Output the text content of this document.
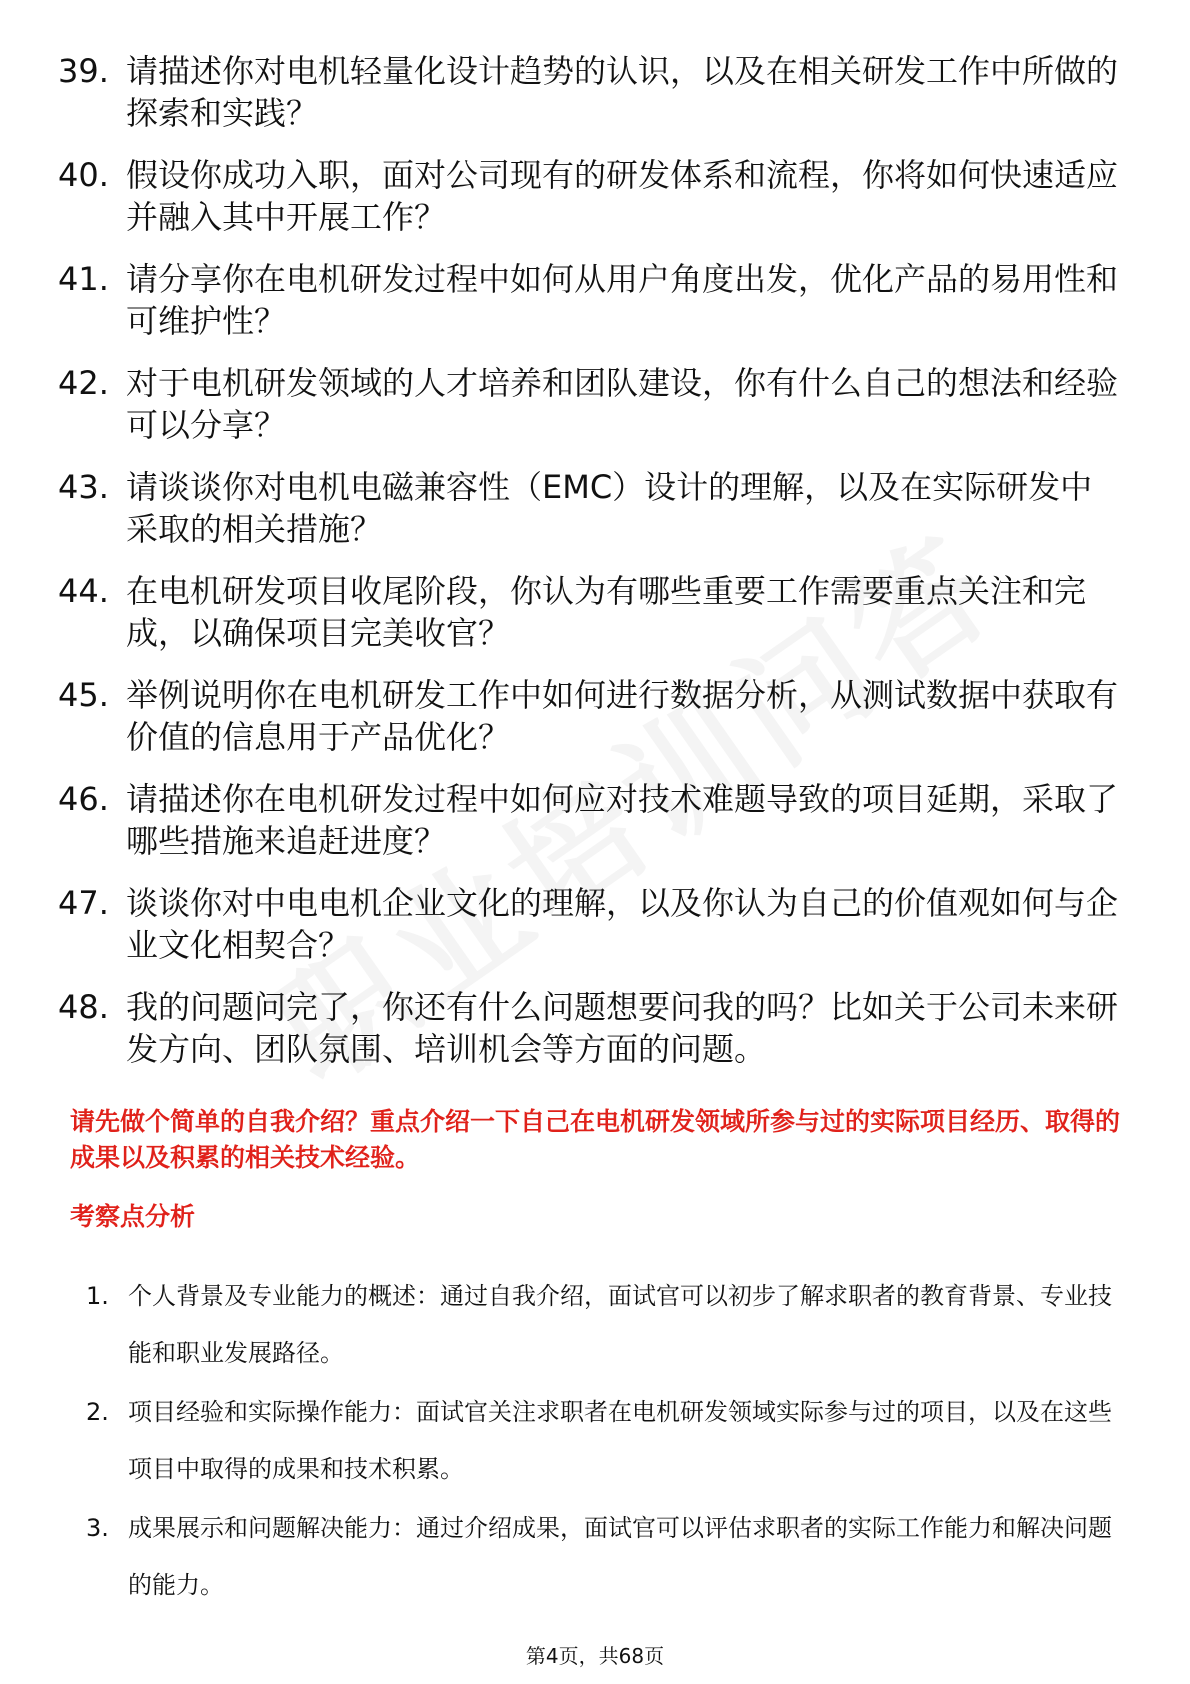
39. 请描述你对电机轻量化设计趋势的认识，以及在相关研发工作中所做的探索和实践？
40. 假设你成功入职，面对公司现有的研发体系和流程，你将如何快速适应并融入其中开展工作？
41. 请分享你在电机研发过程中如何从用户角度出发，优化产品的易用性和可维护性？
42. 对于电机研发领域的人才培养和团队建设，你有什么自己的想法和经验可以分享？
43. 请谈谈你对电机电磁兼容性（EMC）设计的理解，以及在实际研发中采取的相关措施？
44. 在电机研发项目收尾阶段，你认为有哪些重要工作需要重点关注和完成，以确保项目完美收官？
45. 举例说明你在电机研发工作中如何进行数据分析，从测试数据中获取有价值的信息用于产品优化？
46. 请描述你在电机研发过程中如何应对技术难题导致的项目延期，采取了哪些措施来追赶进度？
47. 谈谈你对中电电机企业文化的理解，以及你认为自己的价值观如何与企业文化相契合？
48. 我的问题问完了，你还有什么问题想要问我的吗？比如关于公司未来研发方向、团队氛围、培训机会等方面的问题。
请先做个简单的自我介绍？重点介绍一下自己在电机研发领域所参与过的实际项目经历、取得的成果以及积累的相关技术经验。
考察点分析
1. 个人背景及专业能力的概述：通过自我介绍，面试官可以初步了解求职者的教育背景、专业技能和职业发展路径。
2. 项目经验和实际操作能力：面试官关注求职者在电机研发领域实际参与过的项目，以及在这些项目中取得的成果和技术积累。
3. 成果展示和问题解决能力：通过介绍成果，面试官可以评估求职者的实际工作能力和解决问题的能力。
第4页，共68页
